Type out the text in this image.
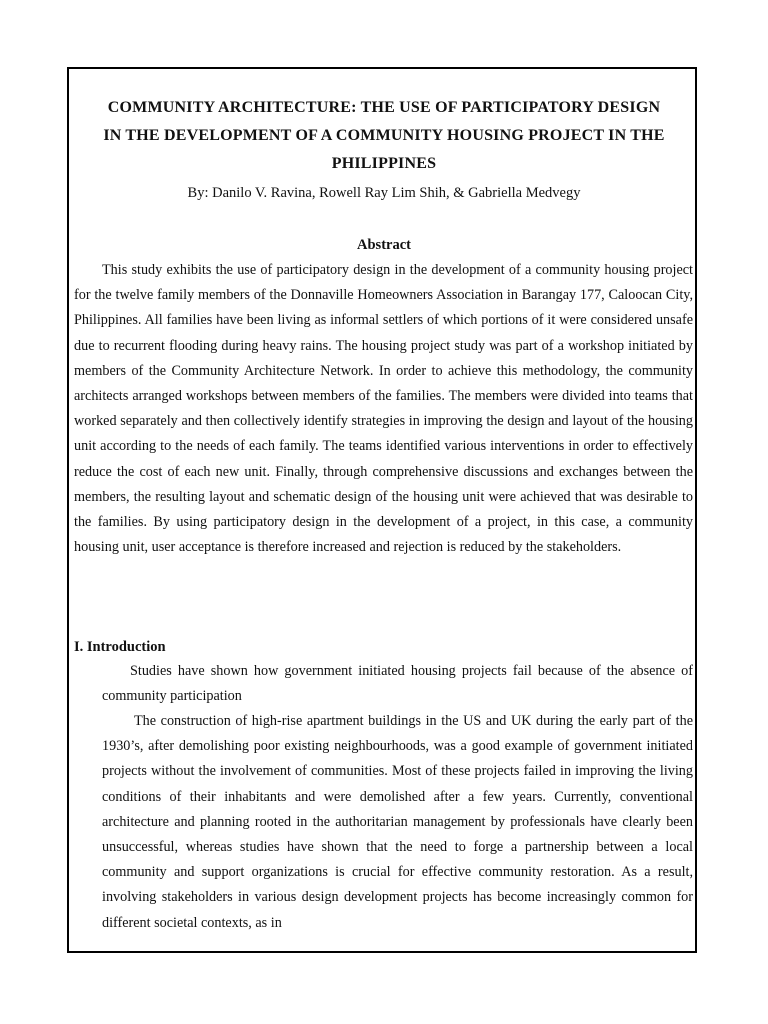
COMMUNITY ARCHITECTURE: THE USE OF PARTICIPATORY DESIGN IN THE DEVELOPMENT OF A COMMUNITY HOUSING PROJECT IN THE PHILIPPINES

By: Danilo V. Ravina, Rowell Ray Lim Shih, & Gabriella Medvegy

Abstract

This study exhibits the use of participatory design in the development of a community housing project for the twelve family members of the Donnaville Homeowners Association in Barangay 177, Caloocan City, Philippines. All families have been living as informal settlers of which portions of it were considered unsafe due to recurrent flooding during heavy rains. The housing project study was part of a workshop initiated by members of the Community Architecture Network. In order to achieve this methodology, the community architects arranged workshops between members of the families. The members were divided into teams that worked separately and then collectively identify strategies in improving the design and layout of the housing unit according to the needs of each family. The teams identified various interventions in order to effectively reduce the cost of each new unit. Finally, through comprehensive discussions and exchanges between the members, the resulting layout and schematic design of the housing unit were achieved that was desirable to the families. By using participatory design in the development of a project, in this case, a community housing unit, user acceptance is therefore increased and rejection is reduced by the stakeholders.

I. Introduction

Studies have shown how government initiated housing projects fail because of the absence of community participation

The construction of high-rise apartment buildings in the US and UK during the early part of the 1930’s, after demolishing poor existing neighbourhoods, was a good example of government initiated projects without the involvement of communities. Most of these projects failed in improving the living conditions of their inhabitants and were demolished after a few years. Currently, conventional architecture and planning rooted in the authoritarian management by professionals have clearly been unsuccessful, whereas studies have shown that the need to forge a partnership between a local community and support organizations is crucial for effective community restoration. As a result, involving stakeholders in various design development projects has become increasingly common for different societal contexts, as in
